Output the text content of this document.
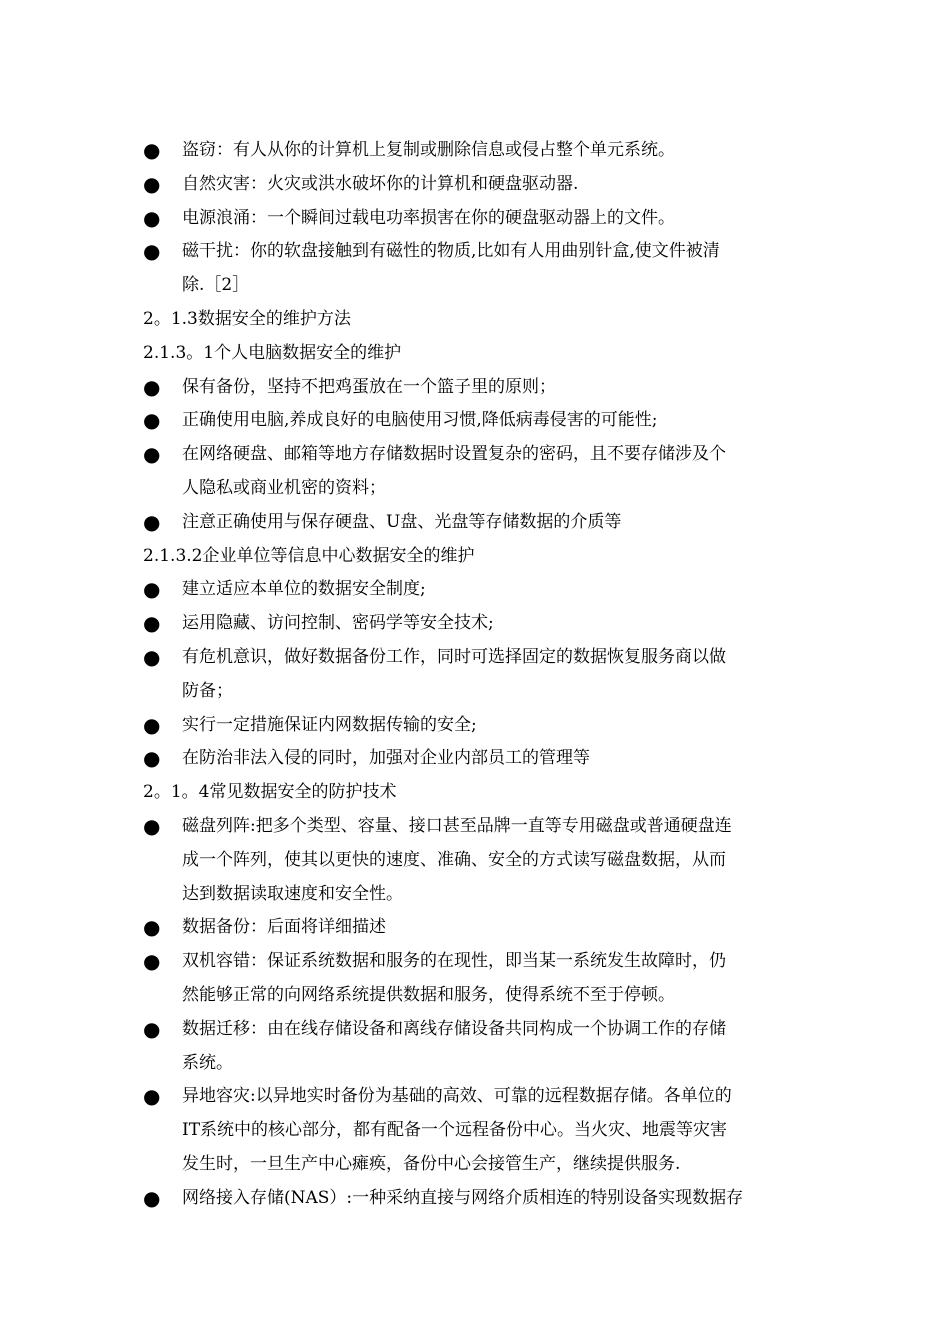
● 盗窃：有人从你的计算机上复制或删除信息或侵占整个单元系统。
● 自然灾害：火灾或洪水破坏你的计算机和硬盘驱动器.
● 电源浪涌：一个瞬间过载电功率损害在你的硬盘驱动器上的文件。
● 磁干扰：你的软盘接触到有磁性的物质,比如有人用曲别针盒,使文件被清
除.［2］
2。1.3数据安全的维护方法
2.1.3。1个人电脑数据安全的维护
● 保有备份，坚持不把鸡蛋放在一个篮子里的原则；
● 正确使用电脑,养成良好的电脑使用习惯,降低病毒侵害的可能性;
● 在网络硬盘、邮箱等地方存储数据时设置复杂的密码，且不要存储涉及个
人隐私或商业机密的资料；
● 注意正确使用与保存硬盘、U盘、光盘等存储数据的介质等
2.1.3.2企业单位等信息中心数据安全的维护
● 建立适应本单位的数据安全制度;
● 运用隐藏、访问控制、密码学等安全技术;
● 有危机意识，做好数据备份工作，同时可选择固定的数据恢复服务商以做
防备；
● 实行一定措施保证内网数据传输的安全;
● 在防治非法入侵的同时，加强对企业内部员工的管理等
2。1。4常见数据安全的防护技术
● 磁盘列阵:把多个类型、容量、接口甚至品牌一直等专用磁盘或普通硬盘连
成一个阵列，使其以更快的速度、准确、安全的方式读写磁盘数据，从而
达到数据读取速度和安全性。
● 数据备份：后面将详细描述
● 双机容错：保证系统数据和服务的在现性，即当某一系统发生故障时，仍
然能够正常的向网络系统提供数据和服务，使得系统不至于停顿。
● 数据迁移：由在线存储设备和离线存储设备共同构成一个协调工作的存储
系统。
● 异地容灾:以异地实时备份为基础的高效、可靠的远程数据存储。各单位的
IT系统中的核心部分，都有配备一个远程备份中心。当火灾、地震等灾害
发生时，一旦生产中心瘫痪，备份中心会接管生产，继续提供服务.
● 网络接入存储(NAS）:一种采纳直接与网络介质相连的特别设备实现数据存
